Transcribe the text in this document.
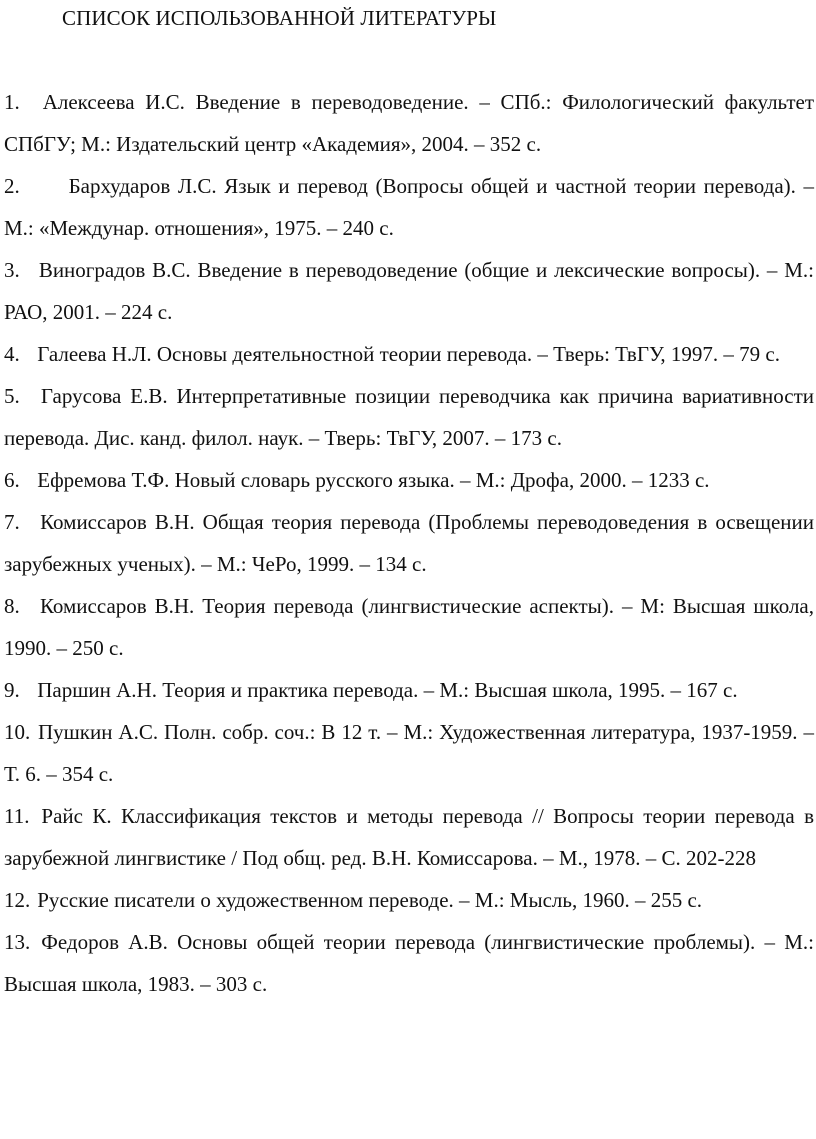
СПИСОК ИСПОЛЬЗОВАННОЙ ЛИТЕРАТУРЫ
1. Алексеева И.С. Введение в переводоведение. – СПб.: Филологический факультет СПбГУ; М.: Издательский центр «Академия», 2004. – 352 с.
2. Бархударов Л.С. Язык и перевод (Вопросы общей и частной теории перевода). – М.: «Междунар. отношения», 1975. – 240 с.
3. Виноградов В.С. Введение в переводоведение (общие и лексические вопросы). – М.: РАО, 2001. – 224 с.
4. Галеева Н.Л. Основы деятельностной теории перевода. – Тверь: ТвГУ, 1997. – 79 с.
5. Гарусова Е.В. Интерпретативные позиции переводчика как причина вариативности перевода. Дис. канд. филол. наук. – Тверь: ТвГУ, 2007. – 173 с.
6. Ефремова Т.Ф. Новый словарь русского языка. – М.: Дрофа, 2000. – 1233 с.
7. Комиссаров В.Н. Общая теория перевода (Проблемы переводоведения в освещении зарубежных ученых). – М.: ЧеРо, 1999. – 134 с.
8. Комиссаров В.Н. Теория перевода (лингвистические аспекты). – М: Высшая школа, 1990. – 250 с.
9. Паршин А.Н. Теория и практика перевода. – М.: Высшая школа, 1995. – 167 с.
10. Пушкин А.С. Полн. собр. соч.: В 12 т. – М.: Художественная литература, 1937-1959. – Т. 6. – 354 с.
11. Райс К. Классификация текстов и методы перевода // Вопросы теории перевода в зарубежной лингвистике / Под общ. ред. В.Н. Комиссарова. – М., 1978. – С. 202-228
12. Русские писатели о художественном переводе. – М.: Мысль, 1960. – 255 с.
13. Федоров А.В. Основы общей теории перевода (лингвистические проблемы). – М.: Высшая школа, 1983. – 303 с.
